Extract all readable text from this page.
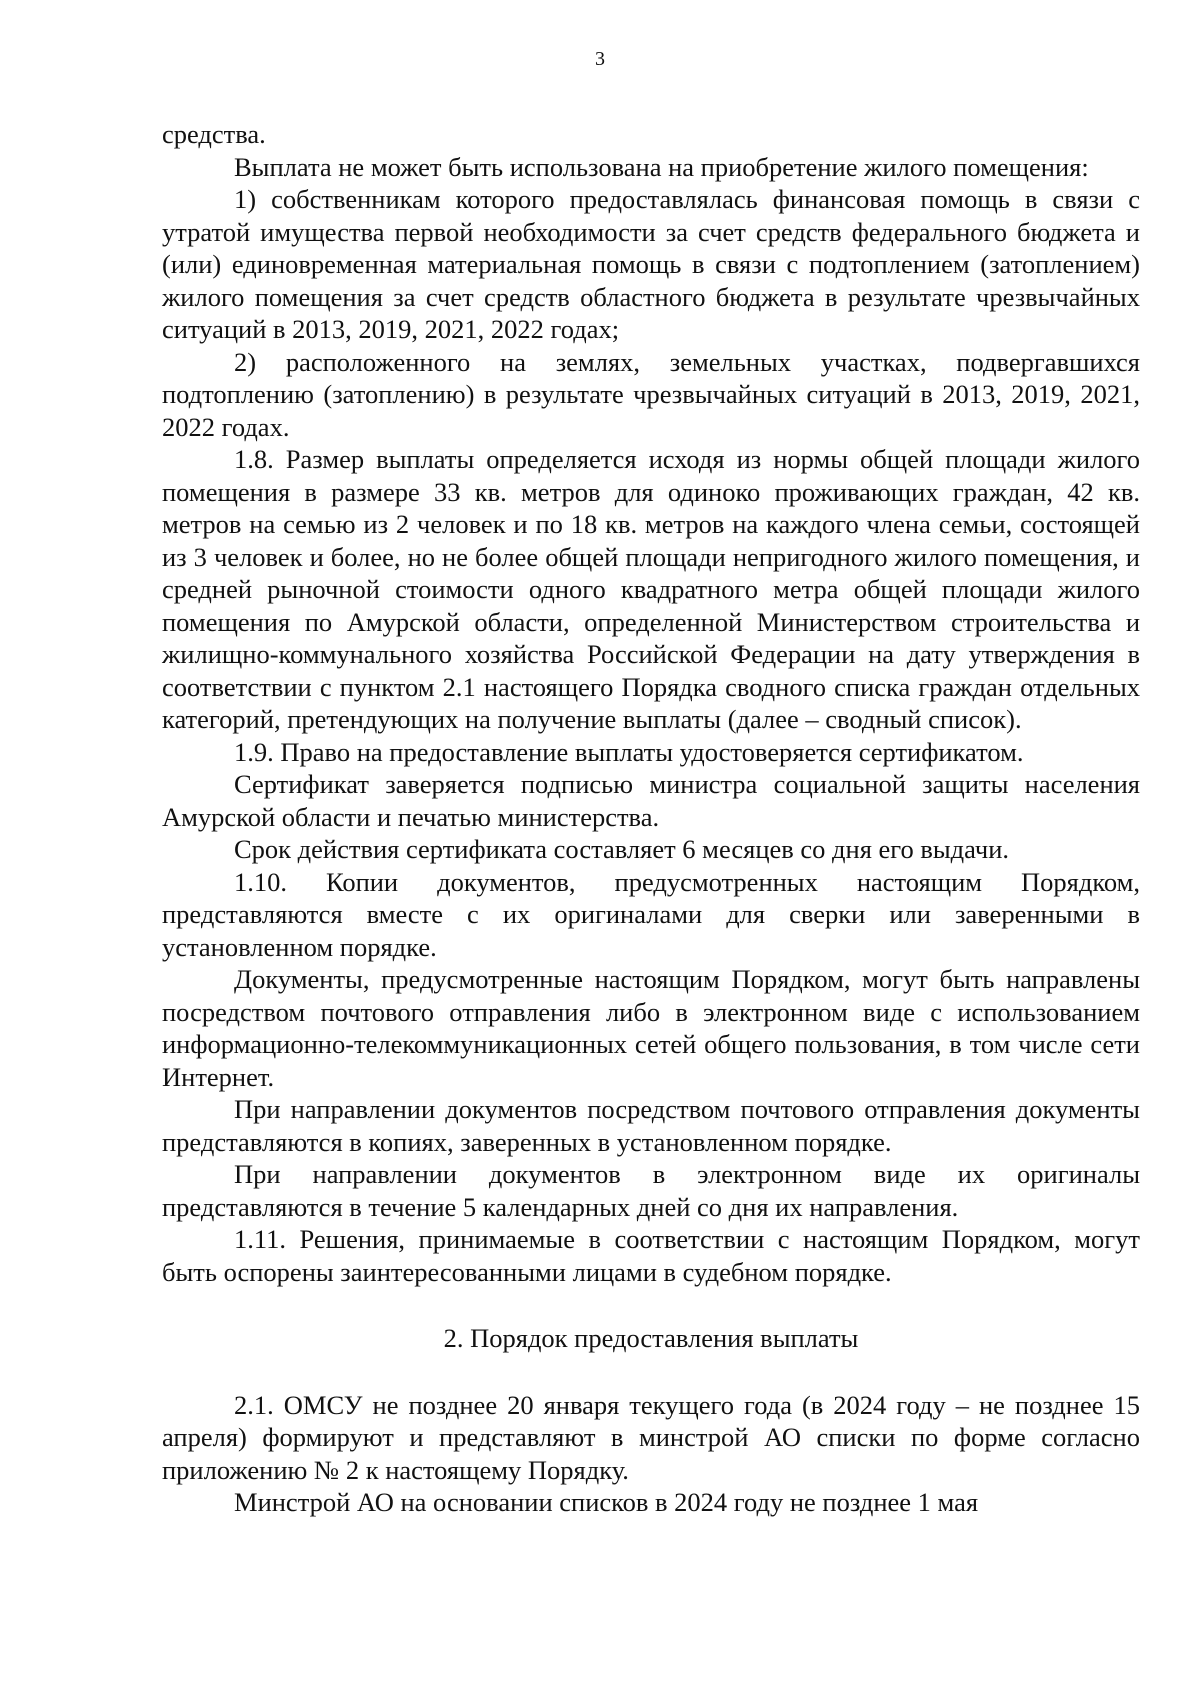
3

средства.

Выплата не может быть использована на приобретение жилого помещения:

1) собственникам которого предоставлялась финансовая помощь в связи с утратой имущества первой необходимости за счет средств федерального бюджета и (или) единовременная материальная помощь в связи с подтоплением (затоплением) жилого помещения за счет средств областного бюджета в результате чрезвычайных ситуаций в 2013, 2019, 2021, 2022 годах;

2) расположенного на землях, земельных участках, подвергавшихся подтоплению (затоплению) в результате чрезвычайных ситуаций в 2013, 2019, 2021, 2022 годах.

1.8. Размер выплаты определяется исходя из нормы общей площади жилого помещения в размере 33 кв. метров для одиноко проживающих граждан, 42 кв. метров на семью из 2 человек и по 18 кв. метров на каждого члена семьи, состоящей из 3 человек и более, но не более общей площади непригодного жилого помещения, и средней рыночной стоимости одного квадратного метра общей площади жилого помещения по Амурской области, определенной Министерством строительства и жилищно-коммунального хозяйства Российской Федерации на дату утверждения в соответствии с пунктом 2.1 настоящего Порядка сводного списка граждан отдельных категорий, претендующих на получение выплаты (далее – сводный список).

1.9. Право на предоставление выплаты удостоверяется сертификатом.

Сертификат заверяется подписью министра социальной защиты населения Амурской области и печатью министерства.

Срок действия сертификата составляет 6 месяцев со дня его выдачи.

1.10. Копии документов, предусмотренных настоящим Порядком, представляются вместе с их оригиналами для сверки или заверенными в установленном порядке.

Документы, предусмотренные настоящим Порядком, могут быть направлены посредством почтового отправления либо в электронном виде с использованием информационно-телекоммуникационных сетей общего пользования, в том числе сети Интернет.

При направлении документов посредством почтового отправления документы представляются в копиях, заверенных в установленном порядке.

При направлении документов в электронном виде их оригиналы представляются в течение 5 календарных дней со дня их направления.

1.11. Решения, принимаемые в соответствии с настоящим Порядком, могут быть оспорены заинтересованными лицами в судебном порядке.

2. Порядок предоставления выплаты

2.1. ОМСУ не позднее 20 января текущего года (в 2024 году – не позднее 15 апреля) формируют и представляют в минстрой АО списки по форме согласно приложению № 2 к настоящему Порядку.

Минстрой АО на основании списков в 2024 году не позднее 1 мая
